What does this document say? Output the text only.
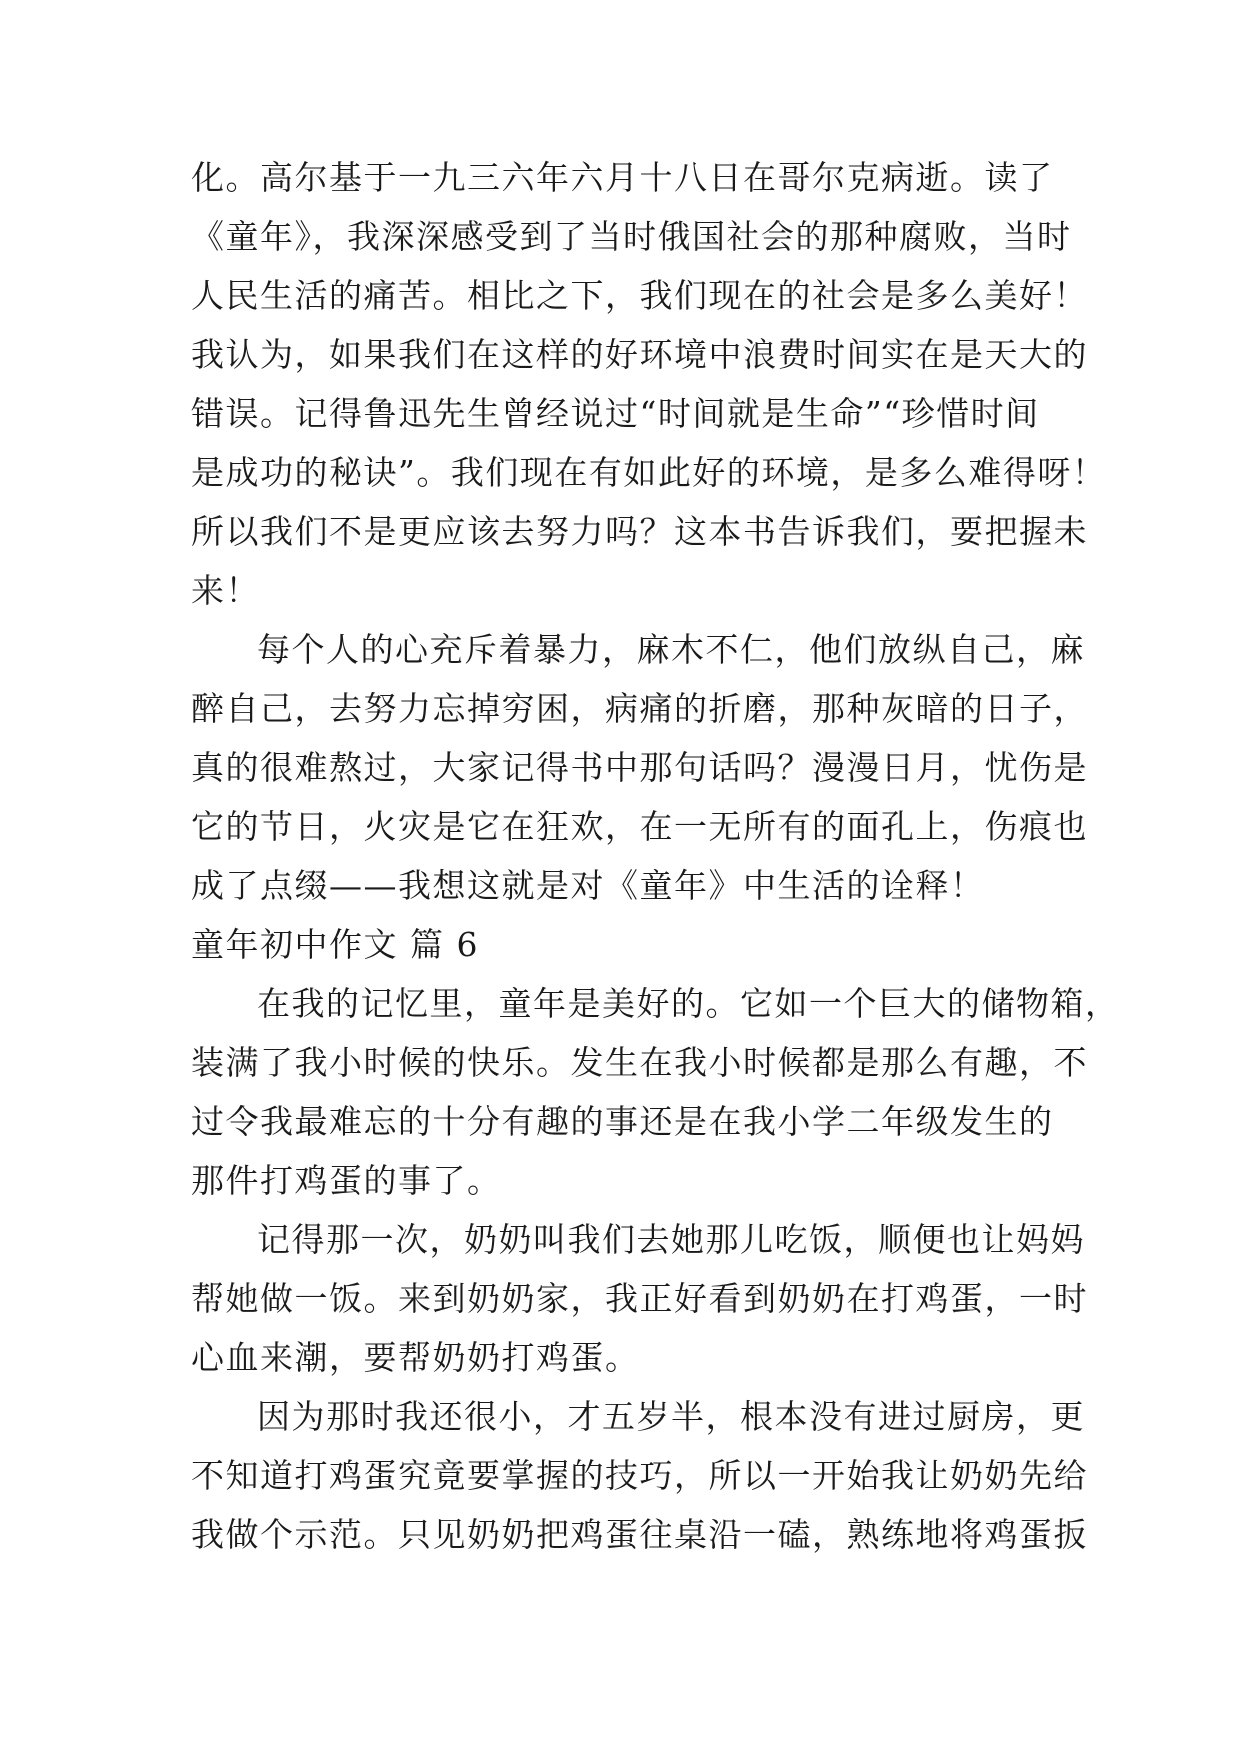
化。高尔基于一九三六年六月十八日在哥尔克病逝。读了
《童年》，我深深感受到了当时俄国社会的那种腐败，当时
人民生活的痛苦。相比之下，我们现在的社会是多么美好！
我认为，如果我们在这样的好环境中浪费时间实在是天大的
错误。记得鲁迅先生曾经说过“时间就是生命”“珍惜时间
是成功的秘诀”。我们现在有如此好的环境，是多么难得呀！
所以我们不是更应该去努力吗？这本书告诉我们，要把握未
来！
每个人的心充斥着暴力，麻木不仁，他们放纵自己，麻
醉自己，去努力忘掉穷困，病痛的折磨，那种灰暗的日子，
真的很难熬过，大家记得书中那句话吗？漫漫日月，忧伤是
它的节日，火灾是它在狂欢，在一无所有的面孔上，伤痕也
成了点缀——我想这就是对《童年》中生活的诠释！
童年初中作文 篇 6
在我的记忆里，童年是美好的。它如一个巨大的储物箱，
装满了我小时候的快乐。发生在我小时候都是那么有趣，不
过令我最难忘的十分有趣的事还是在我小学二年级发生的
那件打鸡蛋的事了。
记得那一次，奶奶叫我们去她那儿吃饭，顺便也让妈妈
帮她做一饭。来到奶奶家，我正好看到奶奶在打鸡蛋，一时
心血来潮，要帮奶奶打鸡蛋。
因为那时我还很小，才五岁半，根本没有进过厨房，更
不知道打鸡蛋究竟要掌握的技巧，所以一开始我让奶奶先给
我做个示范。只见奶奶把鸡蛋往桌沿一磕，熟练地将鸡蛋扳
